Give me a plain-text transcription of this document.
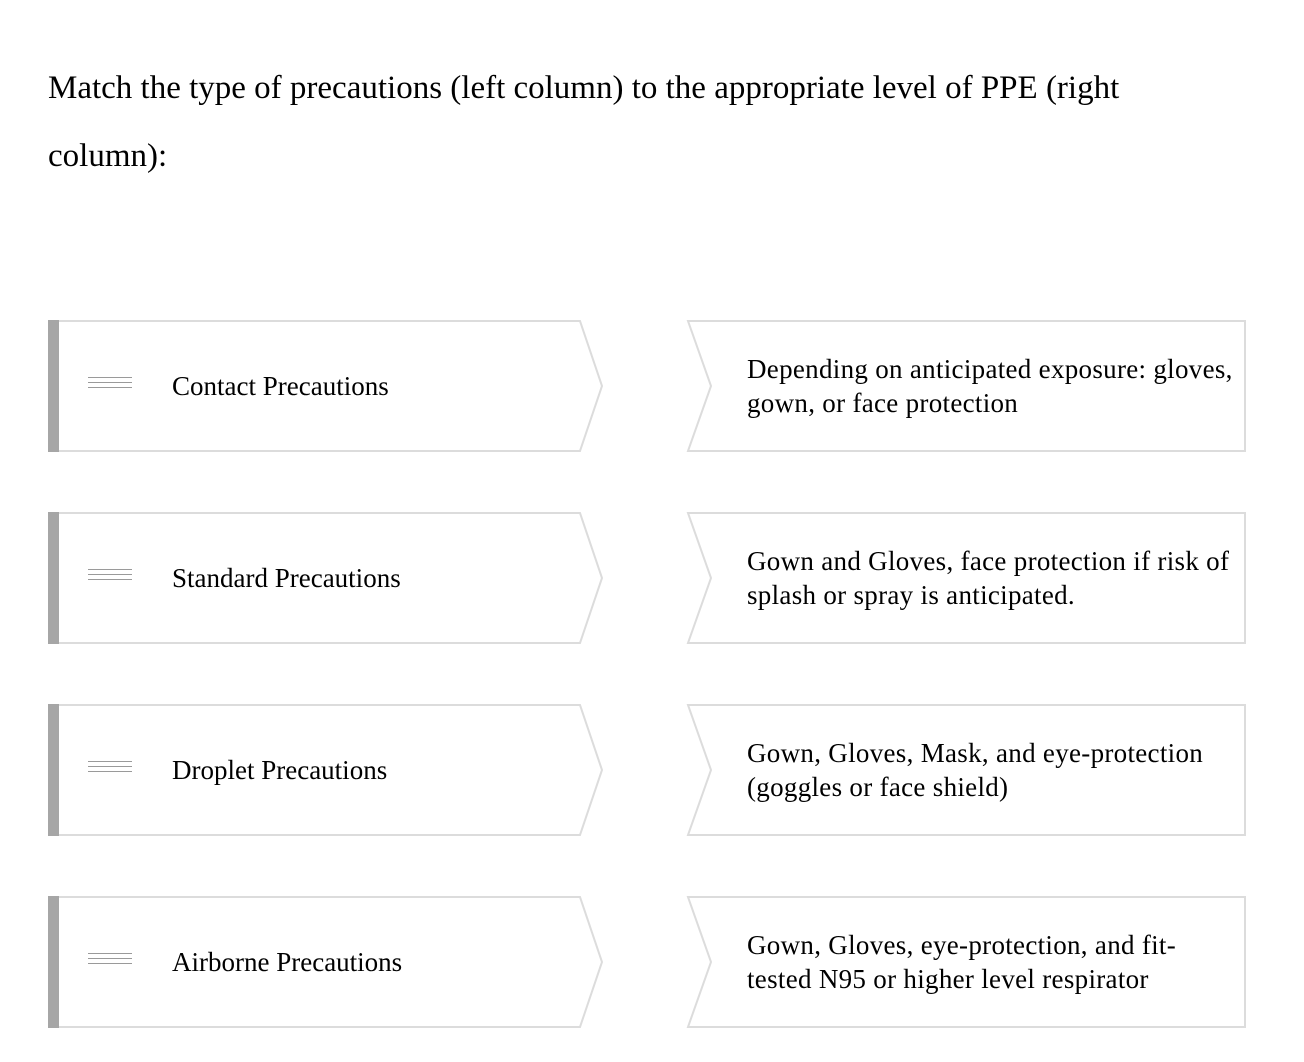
Match the type of precautions (left column) to the appropriate level of PPE (right column):

Contact Precautions
Depending on anticipated exposure: gloves, gown, or face protection
Standard Precautions
Gown and Gloves, face protection if risk of splash or spray is anticipated.
Droplet Precautions
Gown, Gloves, Mask, and eye-protection (goggles or face shield)
Airborne Precautions
Gown, Gloves, eye-protection, and fit-tested N95 or higher level respirator
